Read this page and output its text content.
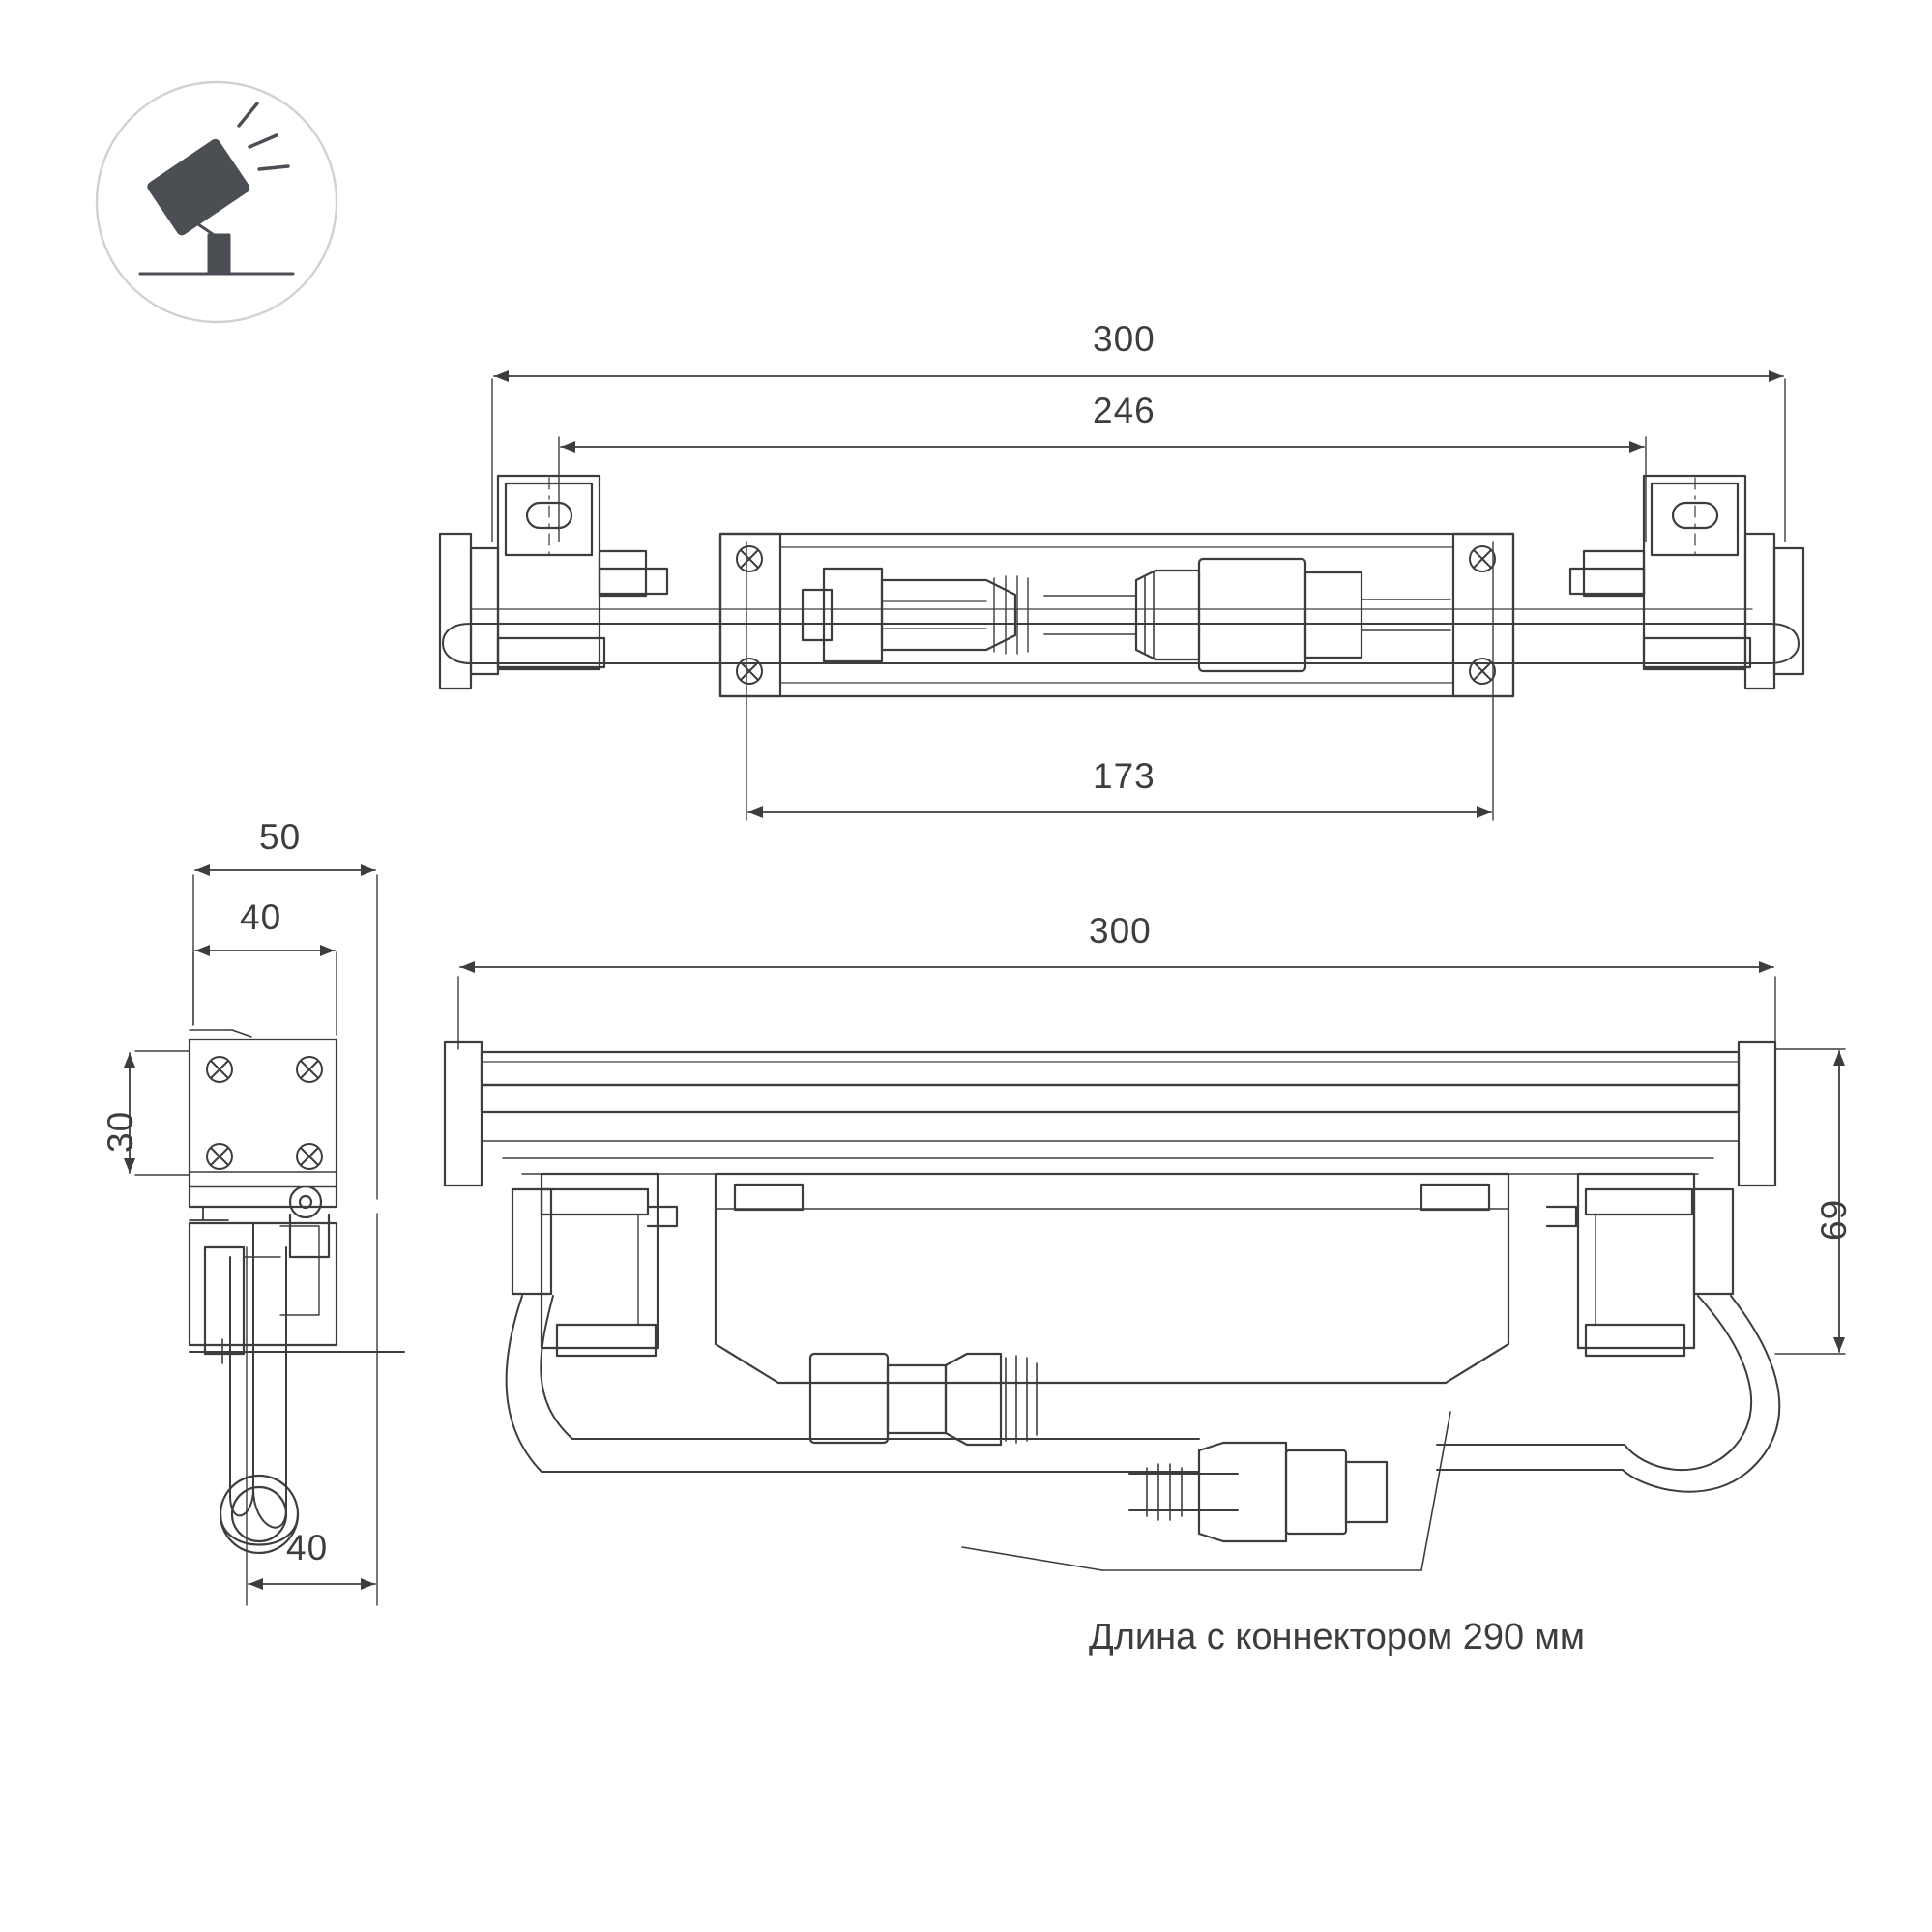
300
246
173
50
40
30
40
300
69
Длина с коннектором 290 мм
